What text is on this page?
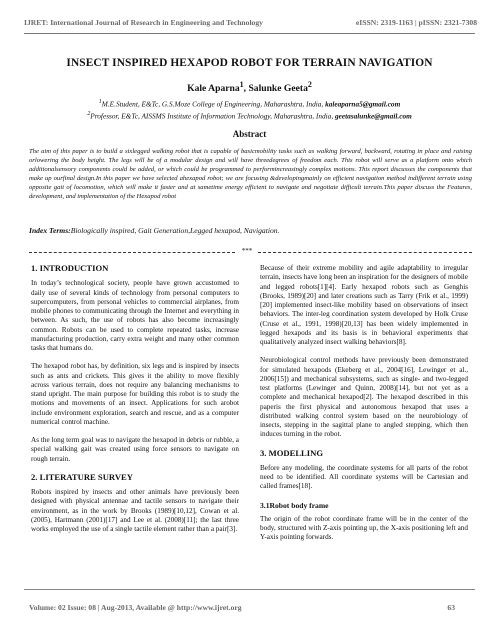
IJRET: International Journal of Research in Engineering and Technology	eISSN: 2319-1163 | pISSN: 2321-7308
INSECT INSPIRED HEXAPOD ROBOT FOR TERRAIN NAVIGATION
Kale Aparna$^1$, Salunke Geeta$^2$
$^1$M.E.Student, E&Tc, G.S.Moze College of Engineering, Maharashtra, India, kaleaparna5@gmail.com
$^2$Professor, E&Tc, AISSMS Institute of Information Technology, Maharashtra, India, geetasalunke@gmail.com
Abstract
The aim of this paper is to build a sixlegged walking robot that is capable of basicmobility tasks such as walking forward, backward, rotating in place and raising orlowering the body height. The legs will be of a modular design and will have threedegrees of freedom each. This robot will serve as a platform onto which additionalsensory components could be added, or which could be programmed to performincreasingly complex motions. This report discusses the components that make up ourfinal design.In this paper we have selected ahexapod robot; we are focusing &developingmainly on efficient navigation method indifferent terrain using opposite gait of locomotion, which will make it faster and at sametime energy efficient to navigate and negotiate difficult terrain.This paper discuss the Features, development, and implementation of the Hexapod robot
Index Terms:Biologically inspired, Gait Generation,Legged hexapod, Navigation.
***
1. INTRODUCTION

In today’s technological society, people have grown accustomed to daily use of several kinds of technology from personal computers to supercomputers, from personal vehicles to commercial airplanes, from mobile phones to communicating through the Internet and everything in between. As such, the use of robots has also become increasingly common. Robots can be used to complete repeated tasks, increase manufacturing production, carry extra weight and many other common tasks that humans do.

The hexapod robot has, by definition, six legs and is inspired by insects such as ants and crickets. This gives it the ability to move flexibly across various terrain, does not require any balancing mechanisms to stand upright. The main purpose for building this robot is to study the motions and movements of an insect. Applications for such arobot include environment exploration, search and rescue, and as a computer numerical control machine.

As the long term goal was to navigate the hexapod in debris or rubble, a special walking gait was created using force sensors to navigate on rough terrain.

2. LITERATURE SURVEY

Robots inspired by insects and other animals have previously been designed with physical antennae and tactile sensors to navigate their environment, as in the work by Brooks (1989)[10,12], Cowan et al. (2005), Hartmann (2001)[17] and Lee et al. (2008)[11]; the last three works employed the use of a single tactile element rather than a pair[3].

Because of their extreme mobility and agile adaptability to irregular terrain, insects have long been an inspiration for the designers of mobile and legged robots[1][4]. Early hexapod robots such as Genghis (Brooks, 1989)[20] and later creations such as Tarry (Frik et al., 1999)[20] implemented insect-like mobility based on observations of insect behaviors. The inter-leg coordination system developed by Holk Cruse (Cruse et al., 1991, 1998)[20,13] has been widely implemented in legged hexapods and its basis is in behavioral experiments that qualitatively analyzed insect walking behaviors[8].

Neurobiological control methods have previously been demonstrated for simulated hexapods (Ekeberg et al., 2004[16], Lewinger et al., 2006[15]) and mechanical subsystems, such as single- and two-legged test platforms (Lewinger and Quinn, 2008)[14], but not yet as a complete and mechanical hexapod[2]. The hexapod described in this paperis the first physical and autonomous hexapod that uses a distributed walking control system based on the neurobiology of insects, stepping in the sagittal plane to angled stepping, which then induces turning in the robot.

3. MODELLING

Before any modeling, the coordinate systems for all parts of the robot need to be identified. All coordinate systems will be Cartesian and called frames[18].

3.1Robot body frame

The origin of the robot coordinate frame will be in the center of the body, structured with Z-axis pointing up, the X-axis positioning left and Y-axis pointing forwards.

Volume: 02 Issue: 08 | Aug-2013, Available @ http://www.ijret.org	63
